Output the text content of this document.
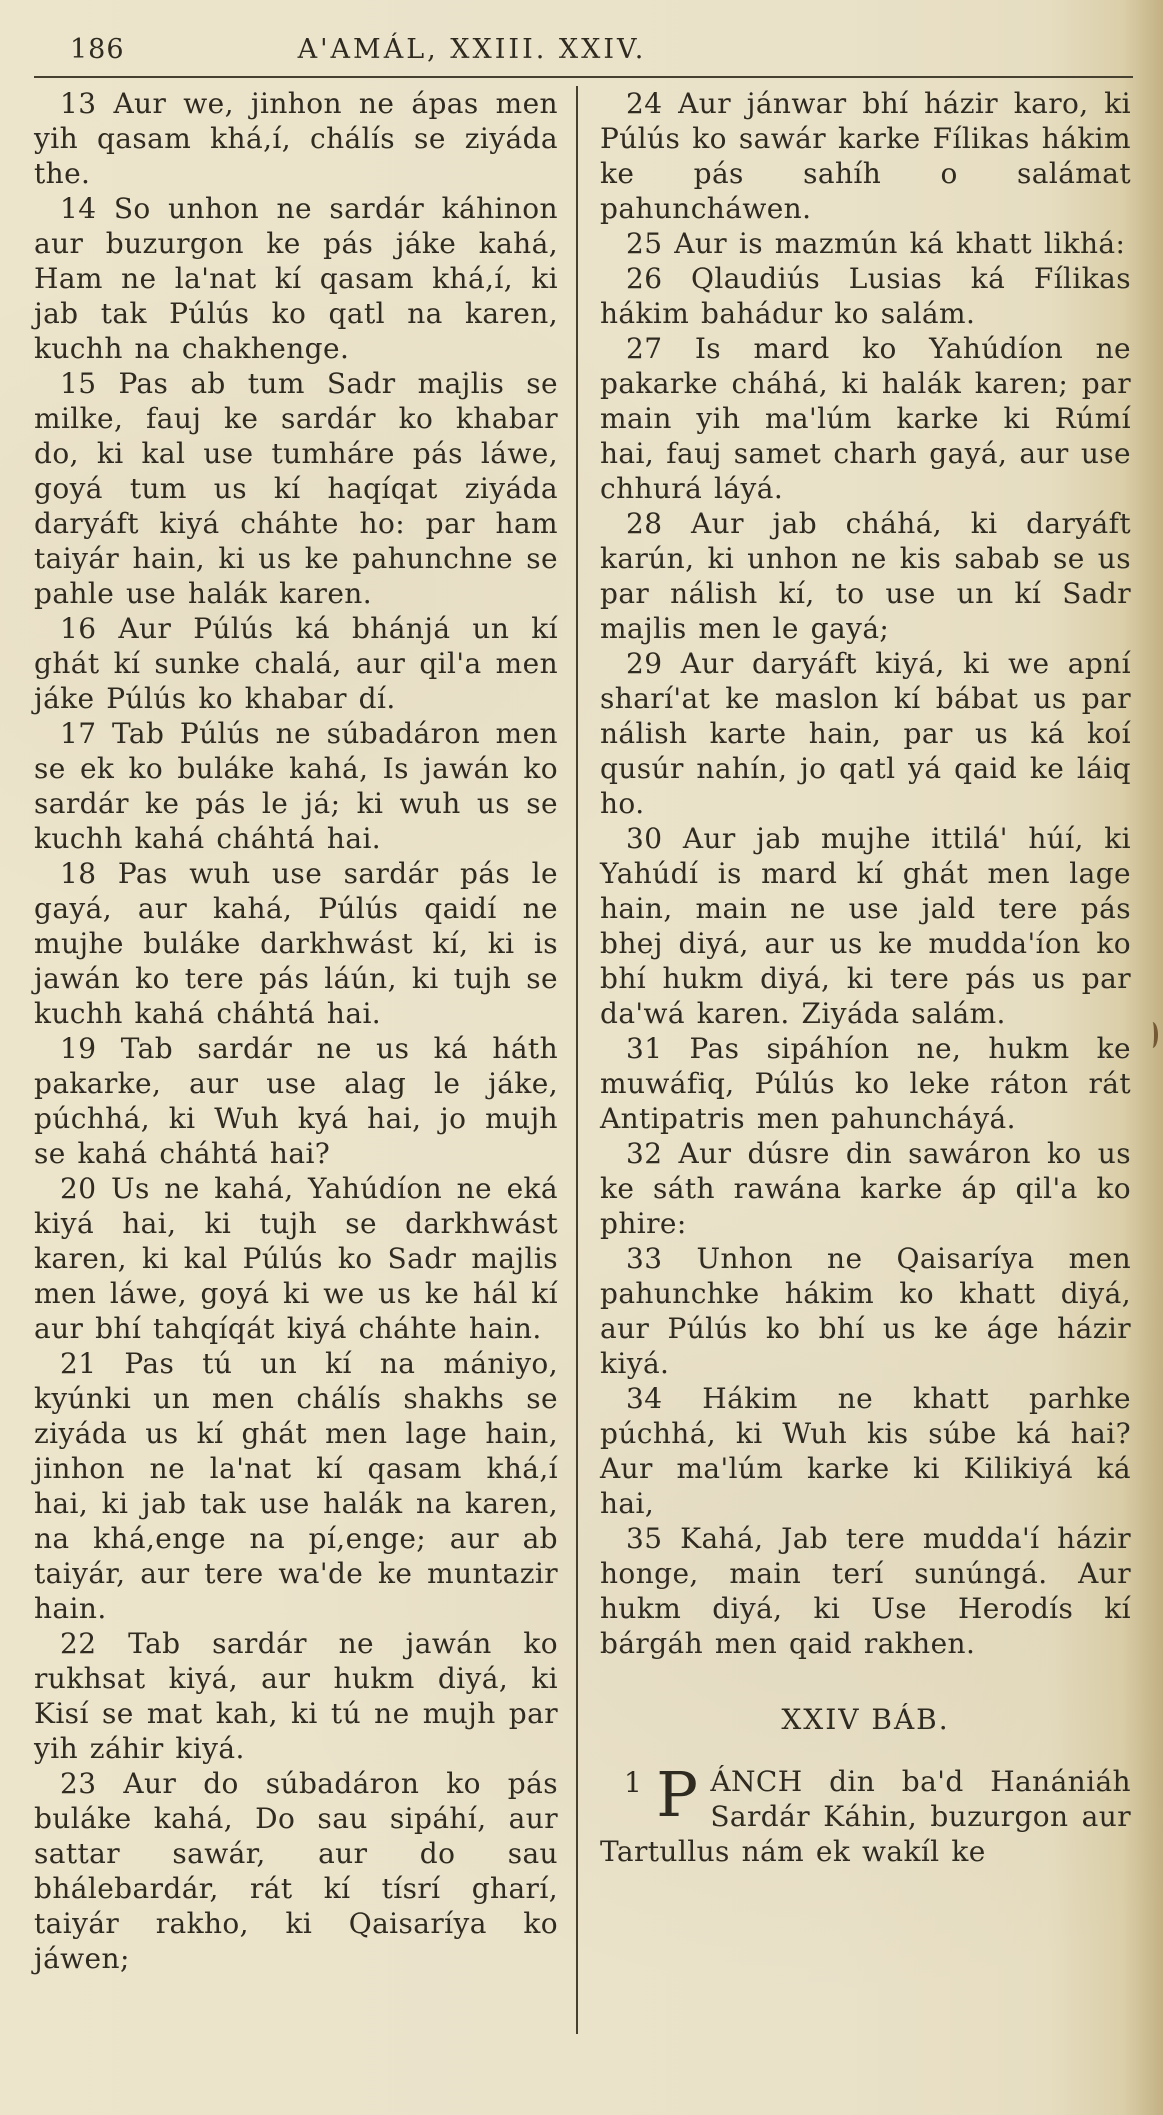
186	A'AMÁL, XXIII. XXIV.

13 Aur we, jinhon ne ápas men yih qasam khá,í, chálís se ziyáda the.

14 So unhon ne sardár káhinon aur buzurgon ke pás jáke kahá, Ham ne la'nat kí qasam khá,í, ki jab tak Púlús ko qatl na karen, kuchh na chakhenge.

15 Pas ab tum Sadr majlis se milke, fauj ke sardár ko khabar do, ki kal use tumháre pás láwe, goyá tum us kí haqíqat ziyáda daryáft kiyá cháhte ho: par ham taiyár hain, ki us ke pahunchne se pahle use halák karen.

16 Aur Púlús ká bhánjá un kí ghát kí sunke chalá, aur qil'a men jáke Púlús ko khabar dí.

17 Tab Púlús ne súbadáron men se ek ko buláke kahá, Is jawán ko sardár ke pás le já; ki wuh us se kuchh kahá cháhtá hai.

18 Pas wuh use sardár pás le gayá, aur kahá, Púlús qaidí ne mujhe buláke darkhwást kí, ki is jawán ko tere pás láún, ki tujh se kuchh kahá cháhtá hai.

19 Tab sardár ne us ká háth pakarke, aur use alag le jáke, púchhá, ki Wuh kyá hai, jo mujh se kahá cháhtá hai?

20 Us ne kahá, Yahúdíon ne eká kiyá hai, ki tujh se darkhwást karen, ki kal Púlús ko Sadr majlis men láwe, goyá ki we us ke hál kí aur bhí tahqíqát kiyá cháhte hain.

21 Pas tú un kí na mániyo, kyúnki un men chálís shakhs se ziyáda us kí ghát men lage hain, jinhon ne la'nat kí qasam khá,í hai, ki jab tak use halák na karen, na khá,enge na pí,enge; aur ab taiyár, aur tere wa'de ke muntazir hain.

22 Tab sardár ne jawán ko rukhsat kiyá, aur hukm diyá, ki Kisí se mat kah, ki tú ne mujh par yih záhir kiyá.

23 Aur do súbadáron ko pás buláke kahá, Do sau sipáhí, aur sattar sawár, aur do sau bhálebardár, rát kí tísrí gharí, taiyár rakho, ki Qaisaríya ko jáwen;

24 Aur jánwar bhí házir karo, ki Púlús ko sawár karke Fílikas hákim ke pás sahíh o salámat pahuncháwen.

25 Aur is mazmún ká khatt likhá:

26 Qlaudiús Lusias ká Fílikas hákim bahádur ko salám.

27 Is mard ko Yahúdíon ne pakarke cháhá, ki halák karen; par main yih ma'lúm karke ki Rúmí hai, fauj samet charh gayá, aur use chhurá láyá.

28 Aur jab cháhá, ki daryáft karún, ki unhon ne kis sabab se us par nálish kí, to use un kí Sadr majlis men le gayá;

29 Aur daryáft kiyá, ki we apní sharí'at ke maslon kí bábat us par nálish karte hain, par us ká koí qusúr nahín, jo qatl yá qaid ke láiq ho.

30 Aur jab mujhe ittilá' húí, ki Yahúdí is mard kí ghát men lage hain, main ne use jald tere pás bhej diyá, aur us ke mudda'íon ko bhí hukm diyá, ki tere pás us par da'wá karen. Ziyáda salám.

31 Pas sipáhíon ne, hukm ke muwáfiq, Púlús ko leke ráton rát Antipatris men pahuncháyá.

32 Aur dúsre din sawáron ko us ke sáth rawána karke áp qil'a ko phire:

33 Unhon ne Qaisaríya men pahunchke hákim ko khatt diyá, aur Púlús ko bhí us ke áge házir kiyá.

34 Hákim ne khatt parhke púchhá, ki Wuh kis súbe ká hai? Aur ma'lúm karke ki Kilikiyá ká hai,

35 Kahá, Jab tere mudda'í házir honge, main terí sunúngá. Aur hukm diyá, ki Use Herodís kí bárgáh men qaid rakhen.

XXIV BÁB.

1 P ÁNCH din ba'd Hanániáh Sardár Káhin, buzurgon aur Tartullus nám ek wakíl ke
